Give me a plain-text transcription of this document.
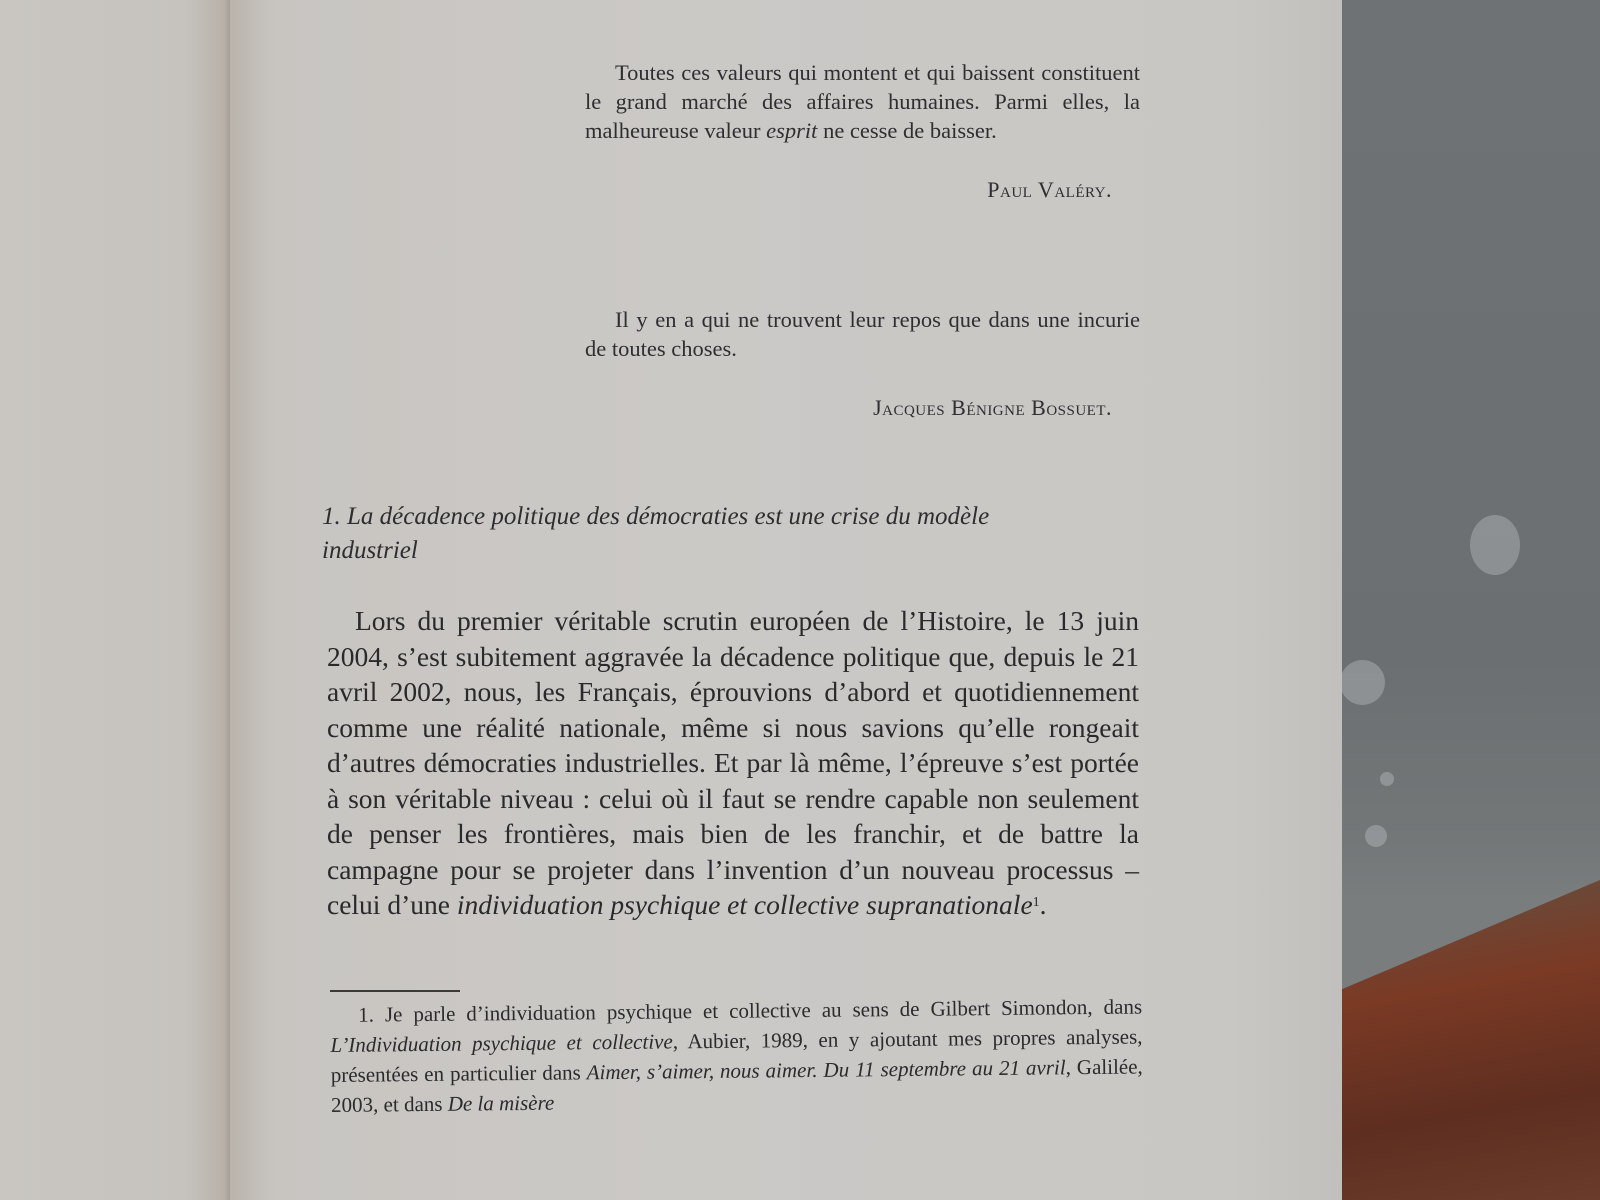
Toutes ces valeurs qui montent et qui baissent constituent le grand marché des affaires humaines. Parmi elles, la malheureuse valeur esprit ne cesse de baisser.

Paul Valéry.

Il y en a qui ne trouvent leur repos que dans une incurie de toutes choses.

Jacques Bénigne Bossuet.
1. La décadence politique des démocraties est une crise du modèle industriel

Lors du premier véritable scrutin européen de l’Histoire, le 13 juin 2004, s’est subitement aggravée la décadence politique que, depuis le 21 avril 2002, nous, les Français, éprouvions d’abord et quotidiennement comme une réalité nationale, même si nous savions qu’elle rongeait d’autres démocraties industrielles. Et par là même, l’épreuve s’est portée à son véritable niveau : celui où il faut se rendre capable non seulement de penser les frontières, mais bien de les franchir, et de battre la campagne pour se projeter dans l’invention d’un nouveau processus – celui d’une individuation psychique et collective supranationale$^1$.

1. Je parle d’individuation psychique et collective au sens de Gilbert Simondon, dans L’Individuation psychique et collective, Aubier, 1989, en y ajoutant mes propres analyses, présentées en particulier dans Aimer, s’aimer, nous aimer. Du 11 septembre au 21 avril, Galilée, 2003, et dans De la misère
